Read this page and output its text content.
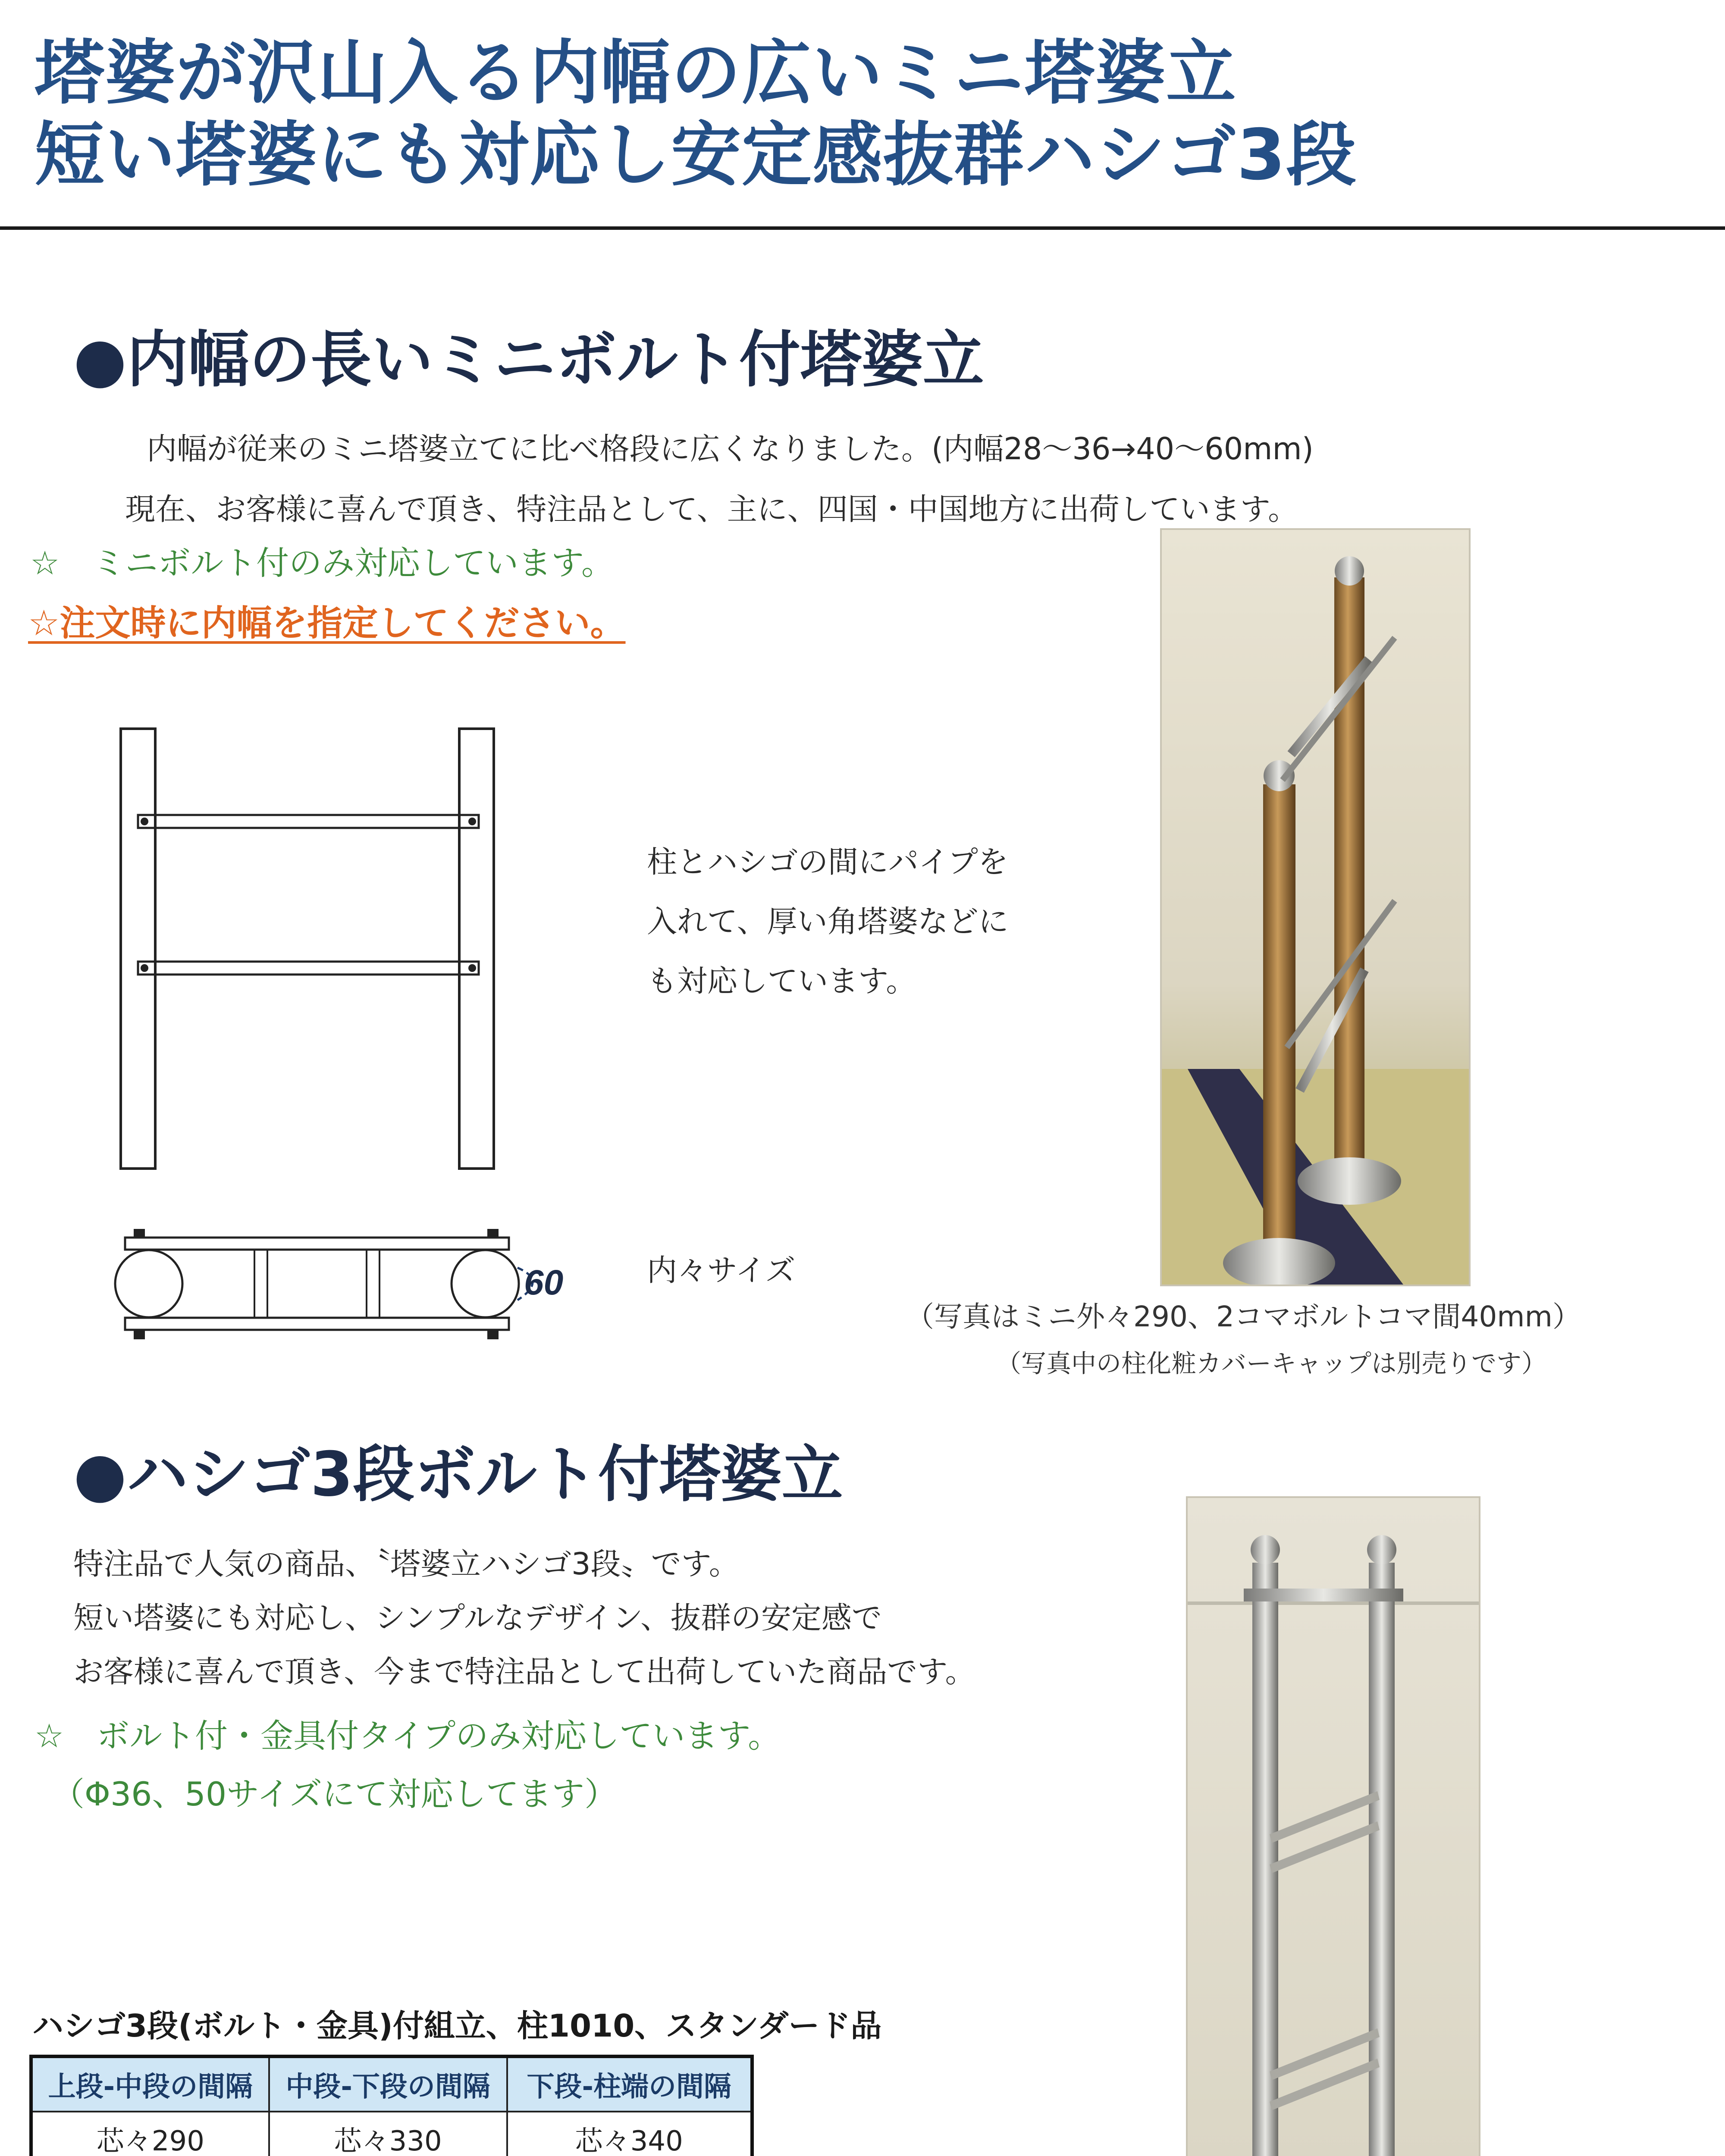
塔婆が沢山入る内幅の広いミニ塔婆立
短い塔婆にも対応し安定感抜群ハシゴ3段
●内幅の長いミニボルト付塔婆立
内幅が従来のミニ塔婆立てに比べ格段に広くなりました。(内幅28～36→40～60mm)
現在、お客様に喜んで頂き、特注品として、主に、四国・中国地方に出荷しています。
☆　ミニボルト付のみ対応しています。
☆注文時に内幅を指定してください。
60
柱とハシゴの間にパイプを
入れて、厚い角塔婆などに
も対応しています。
内々サイズ
（写真はミニ外々290、2コマボルトコマ間40mm）
（写真中の柱化粧カバーキャップは別売りです）
●ハシゴ3段ボルト付塔婆立
特注品で人気の商品、〝塔婆立ハシゴ3段〟です。
短い塔婆にも対応し、シンプルなデザイン、抜群の安定感で
お客様に喜んで頂き、今まで特注品として出荷していた商品です。
☆　ボルト付・金具付タイプのみ対応しています。
（Φ36、50サイズにて対応してます）
ハシゴ3段(ボルト・金具)付組立、柱1010、スタンダード品
上段-中段の間隔	中段-下段の間隔	下段-柱端の間隔
芯々290	芯々330	芯々340
